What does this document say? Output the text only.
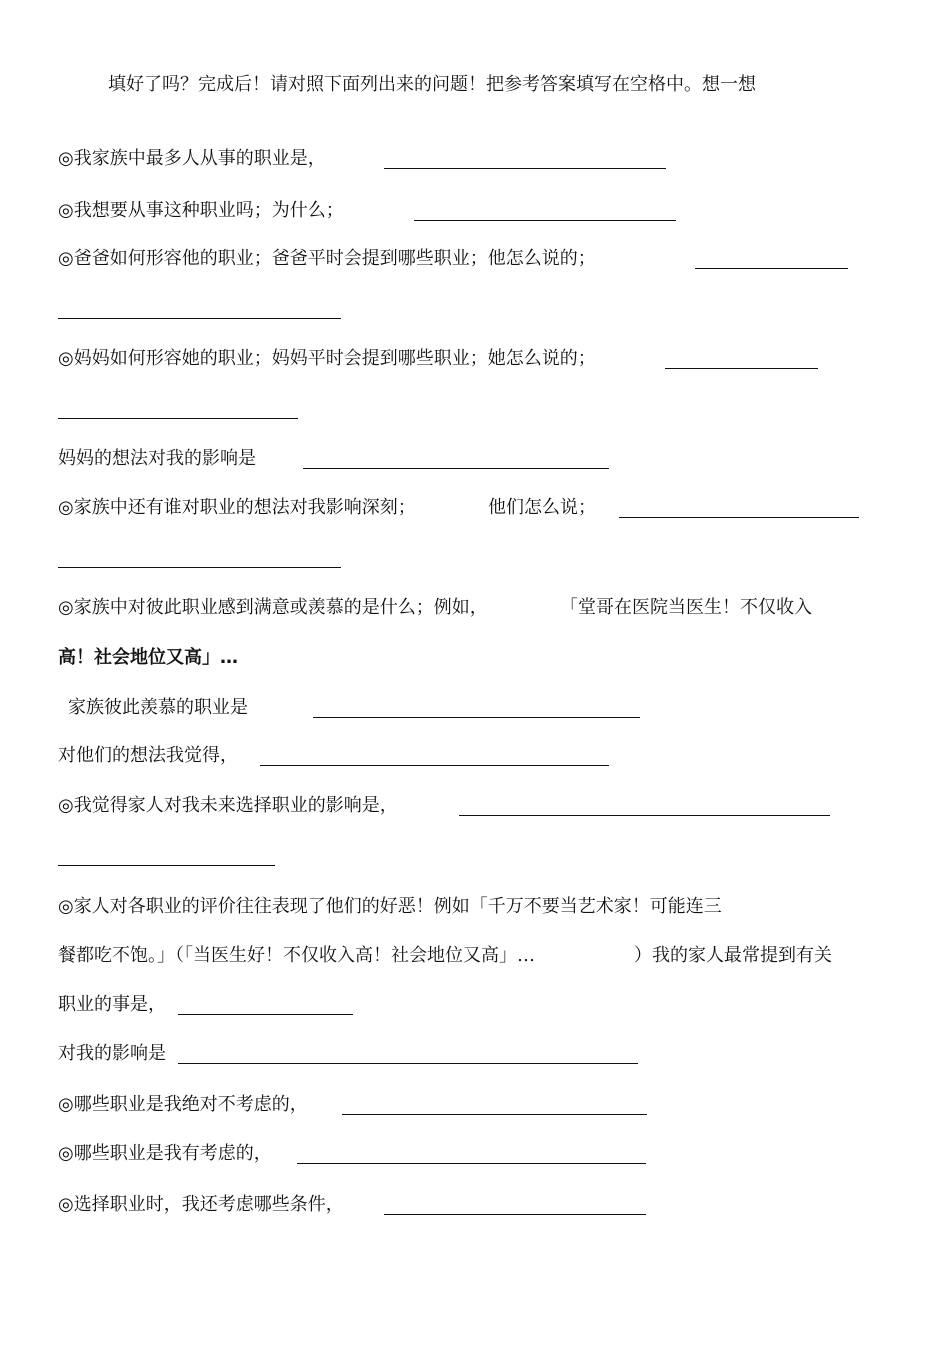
填好了吗？完成后！请对照下面列出来的问题！把参考答案填写在空格中。想一想
◎我家族中最多人从事的职业是，
◎我想要从事这种职业吗；为什么；
◎爸爸如何形容他的职业；爸爸平时会提到哪些职业；他怎么说的；
◎妈妈如何形容她的职业；妈妈平时会提到哪些职业；她怎么说的；
妈妈的想法对我的影响是
◎家族中还有谁对职业的想法对我影响深刻；	他们怎么说；
◎家族中对彼此职业感到满意或羡慕的是什么；例如，	「堂哥在医院当医生！不仅收入
高！社会地位又高」…
家族彼此羡慕的职业是
对他们的想法我觉得，
◎我觉得家人对我未来选择职业的影响是，
◎家人对各职业的评价往往表现了他们的好恶！例如「千万不要当艺术家！可能连三
餐都吃不饱。」（「当医生好！不仅收入高！社会地位又高」…	）我的家人最常提到有关
职业的事是，
对我的影响是
◎哪些职业是我绝对不考虑的，
◎哪些职业是我有考虑的，
◎选择职业时，我还考虑哪些条件，
